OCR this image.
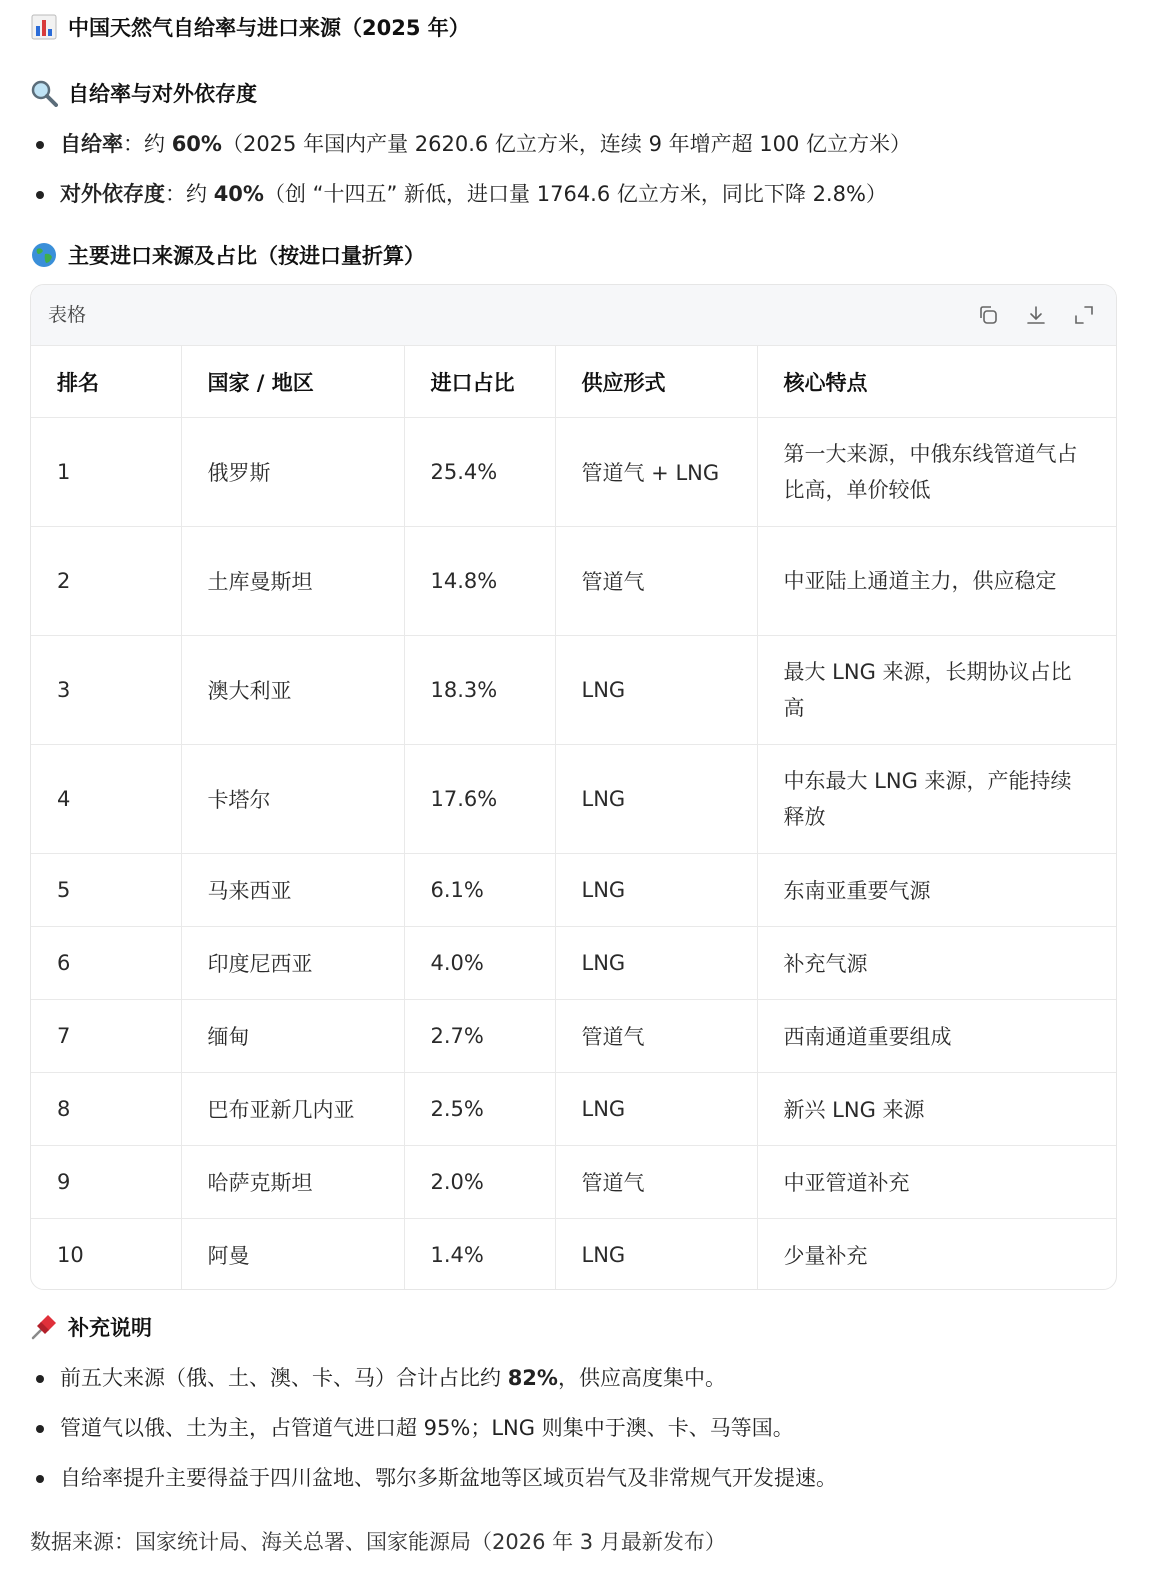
中国天然气自给率与进口来源（2025 年）
自给率与对外依存度
自给率：约 60%（2025 年国内产量 2620.6 亿立方米，连续 9 年增产超 100 亿立方米）
对外依存度：约 40%（创 “十四五” 新低，进口量 1764.6 亿立方米，同比下降 2.8%）
主要进口来源及占比（按进口量折算）
表格
排名	国家 / 地区	进口占比	供应形式	核心特点
1	俄罗斯	25.4%	管道气 + LNG	第一大来源，中俄东线管道气占比高，单价较低
2	土库曼斯坦	14.8%	管道气	中亚陆上通道主力，供应稳定
3	澳大利亚	18.3%	LNG	最大 LNG 来源，长期协议占比高
4	卡塔尔	17.6%	LNG	中东最大 LNG 来源，产能持续释放
5	马来西亚	6.1%	LNG	东南亚重要气源
6	印度尼西亚	4.0%	LNG	补充气源
7	缅甸	2.7%	管道气	西南通道重要组成
8	巴布亚新几内亚	2.5%	LNG	新兴 LNG 来源
9	哈萨克斯坦	2.0%	管道气	中亚管道补充
10	阿曼	1.4%	LNG	少量补充
补充说明
前五大来源（俄、土、澳、卡、马）合计占比约 82%，供应高度集中。
管道气以俄、土为主，占管道气进口超 95%；LNG 则集中于澳、卡、马等国。
自给率提升主要得益于四川盆地、鄂尔多斯盆地等区域页岩气及非常规气开发提速。
数据来源：国家统计局、海关总署、国家能源局（2026 年 3 月最新发布）
